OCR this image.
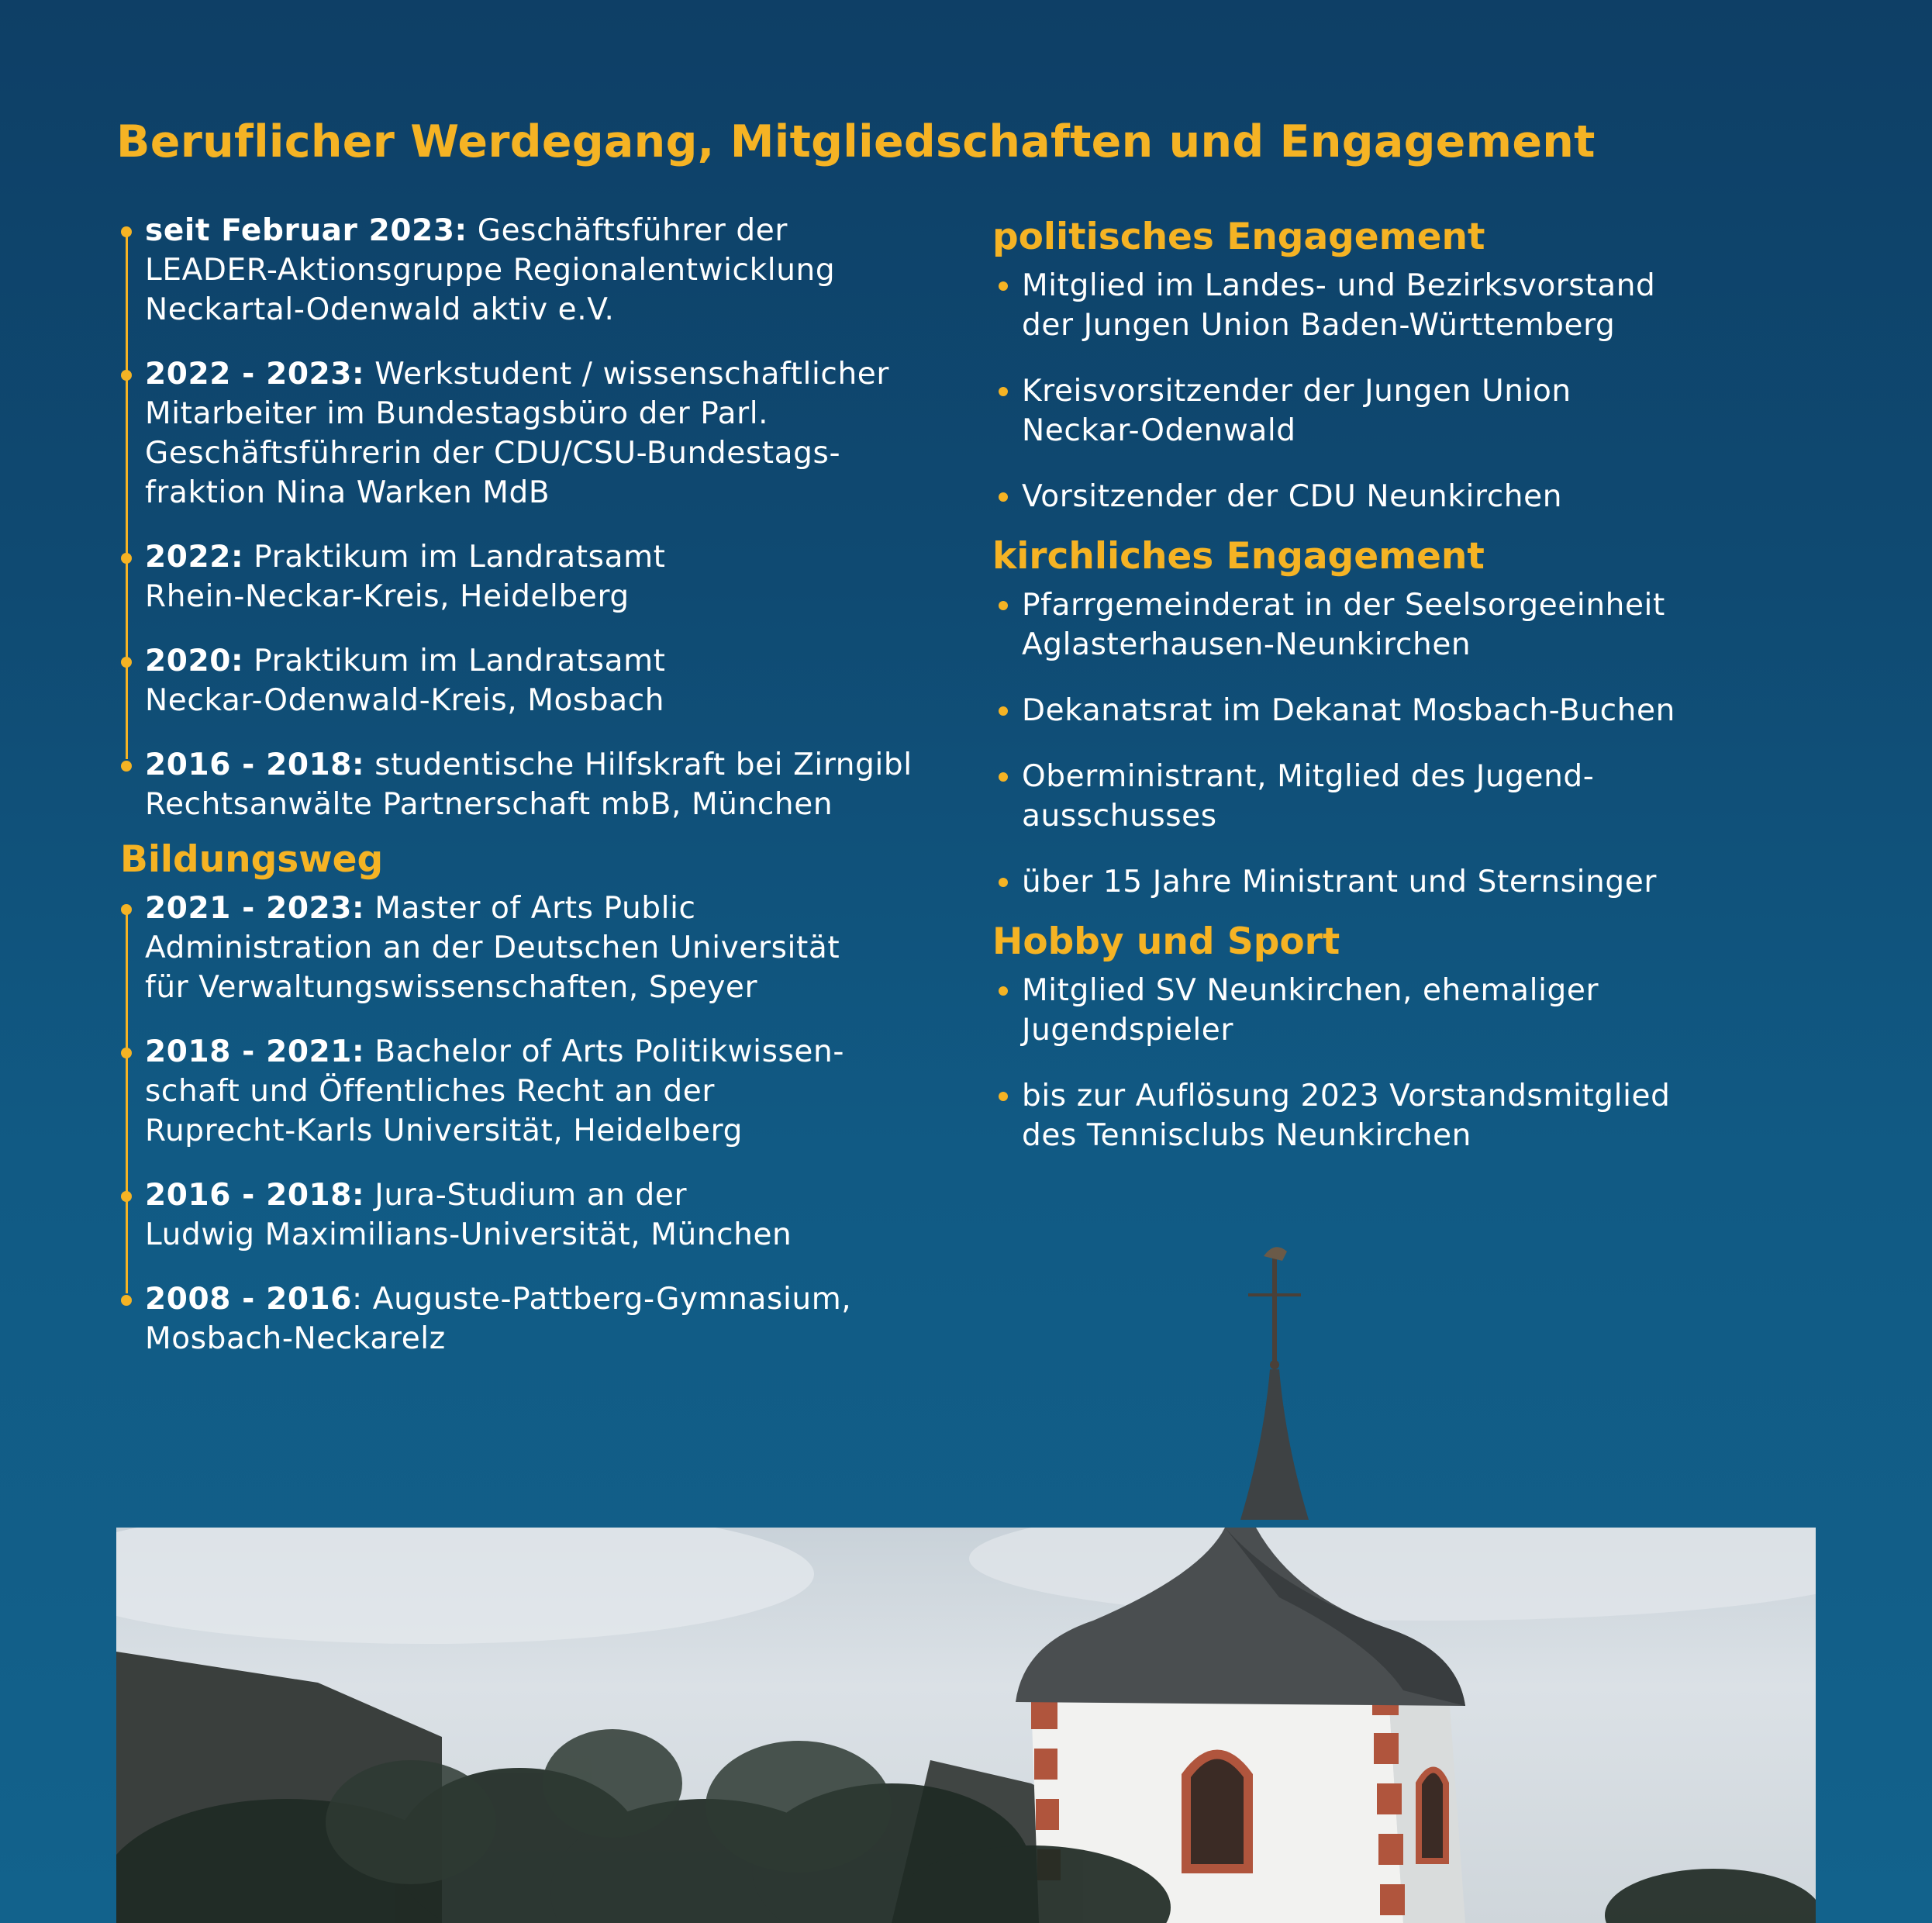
Beruflicher Werdegang, Mitgliedschaften und Engagement
seit Februar 2023: Geschäftsführer der
LEADER-Aktionsgruppe Regionalentwicklung
Neckartal-Odenwald aktiv e.V.
2022 - 2023: Werkstudent / wissenschaftlicher
Mitarbeiter im Bundestagsbüro der Parl.
Geschäftsführerin der CDU/CSU-Bundestags-
fraktion Nina Warken MdB
2022: Praktikum im Landratsamt
Rhein-Neckar-Kreis, Heidelberg
2020: Praktikum im Landratsamt
Neckar-Odenwald-Kreis, Mosbach
2016 - 2018: studentische Hilfskraft bei Zirngibl
Rechtsanwälte Partnerschaft mbB, München
Bildungsweg
2021 - 2023: Master of Arts Public
Administration an der Deutschen Universität
für Verwaltungswissenschaften, Speyer
2018 - 2021: Bachelor of Arts Politikwissen-
schaft und Öffentliches Recht an der
Ruprecht-Karls Universität, Heidelberg
2016 - 2018: Jura-Studium an der
Ludwig Maximilians-Universität, München
2008 - 2016: Auguste-Pattberg-Gymnasium,
Mosbach-Neckarelz
politisches Engagement
Mitglied im Landes- und Bezirksvorstand
der Jungen Union Baden-Württemberg
Kreisvorsitzender der Jungen Union
Neckar-Odenwald
Vorsitzender der CDU Neunkirchen
kirchliches Engagement
Pfarrgemeinderat in der Seelsorgeeinheit
Aglasterhausen-Neunkirchen
Dekanatsrat im Dekanat Mosbach-Buchen
Oberministrant, Mitglied des Jugend-
ausschusses
über 15 Jahre Ministrant und Sternsinger
Hobby und Sport
Mitglied SV Neunkirchen, ehemaliger
Jugendspieler
bis zur Auflösung 2023 Vorstandsmitglied
des Tennisclubs Neunkirchen
